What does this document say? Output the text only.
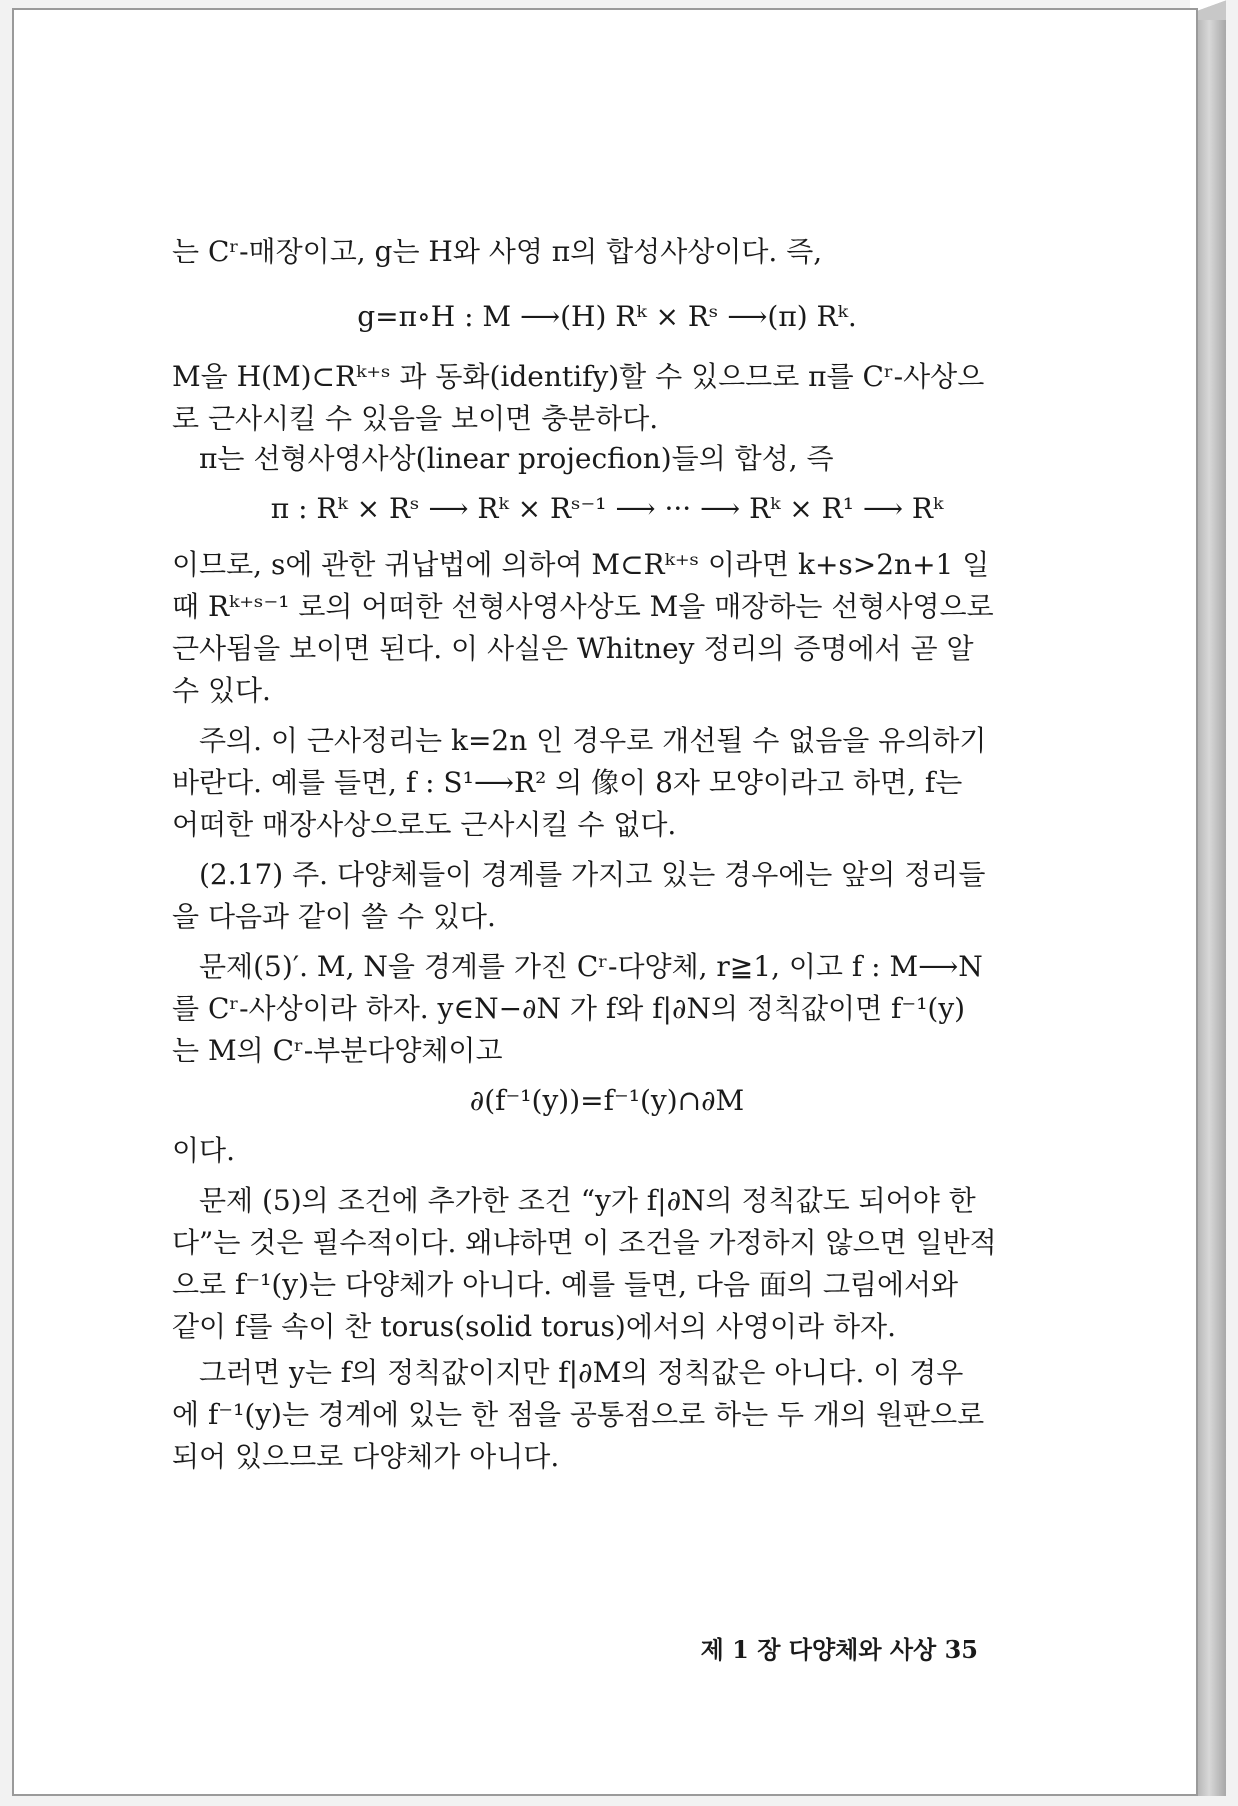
는 Cʳ-매장이고, g는 H와 사영 π의 합성사상이다. 즉,
g=π∘H : M ⟶(H) Rᵏ × Rˢ ⟶(π) Rᵏ.
M을 H(M)⊂Rᵏ⁺ˢ 과 동화(identify)할 수 있으므로 π를 Cʳ-사상으
로 근사시킬 수 있음을 보이면 충분하다.
π는 선형사영사상(linear projecfion)들의 합성, 즉
π : Rᵏ × Rˢ ⟶ Rᵏ × Rˢ⁻¹ ⟶ ··· ⟶ Rᵏ × R¹ ⟶ Rᵏ
이므로, s에 관한 귀납법에 의하여 M⊂Rᵏ⁺ˢ 이라면 k+s>2n+1 일
때 Rᵏ⁺ˢ⁻¹ 로의 어떠한 선형사영사상도 M을 매장하는 선형사영으로
근사됨을 보이면 된다. 이 사실은 Whitney 정리의 증명에서 곧 알
수 있다.
주의. 이 근사정리는 k=2n 인 경우로 개선될 수 없음을 유의하기
바란다. 예를 들면, f : S¹⟶R² 의 像이 8자 모양이라고 하면, f는
어떠한 매장사상으로도 근사시킬 수 없다.
(2.17) 주. 다양체들이 경계를 가지고 있는 경우에는 앞의 정리들
을 다음과 같이 쓸 수 있다.
문제(5)′. M, N을 경계를 가진 Cʳ-다양체, r≧1, 이고 f : M⟶N
를 Cʳ-사상이라 하자. y∈N−∂N 가 f와 f|∂N의 정칙값이면 f⁻¹(y)
는 M의 Cʳ-부분다양체이고
∂(f⁻¹(y))=f⁻¹(y)∩∂M
이다.
문제 (5)의 조건에 추가한 조건 “y가 f|∂N의 정칙값도 되어야 한
다”는 것은 필수적이다. 왜냐하면 이 조건을 가정하지 않으면 일반적
으로 f⁻¹(y)는 다양체가 아니다. 예를 들면, 다음 面의 그림에서와
같이 f를 속이 찬 torus(solid torus)에서의 사영이라 하자.
그러면 y는 f의 정칙값이지만 f|∂M의 정칙값은 아니다. 이 경우
에 f⁻¹(y)는 경계에 있는 한 점을 공통점으로 하는 두 개의 원판으로
되어 있으므로 다양체가 아니다.
제 1 장 다양체와 사상 35
